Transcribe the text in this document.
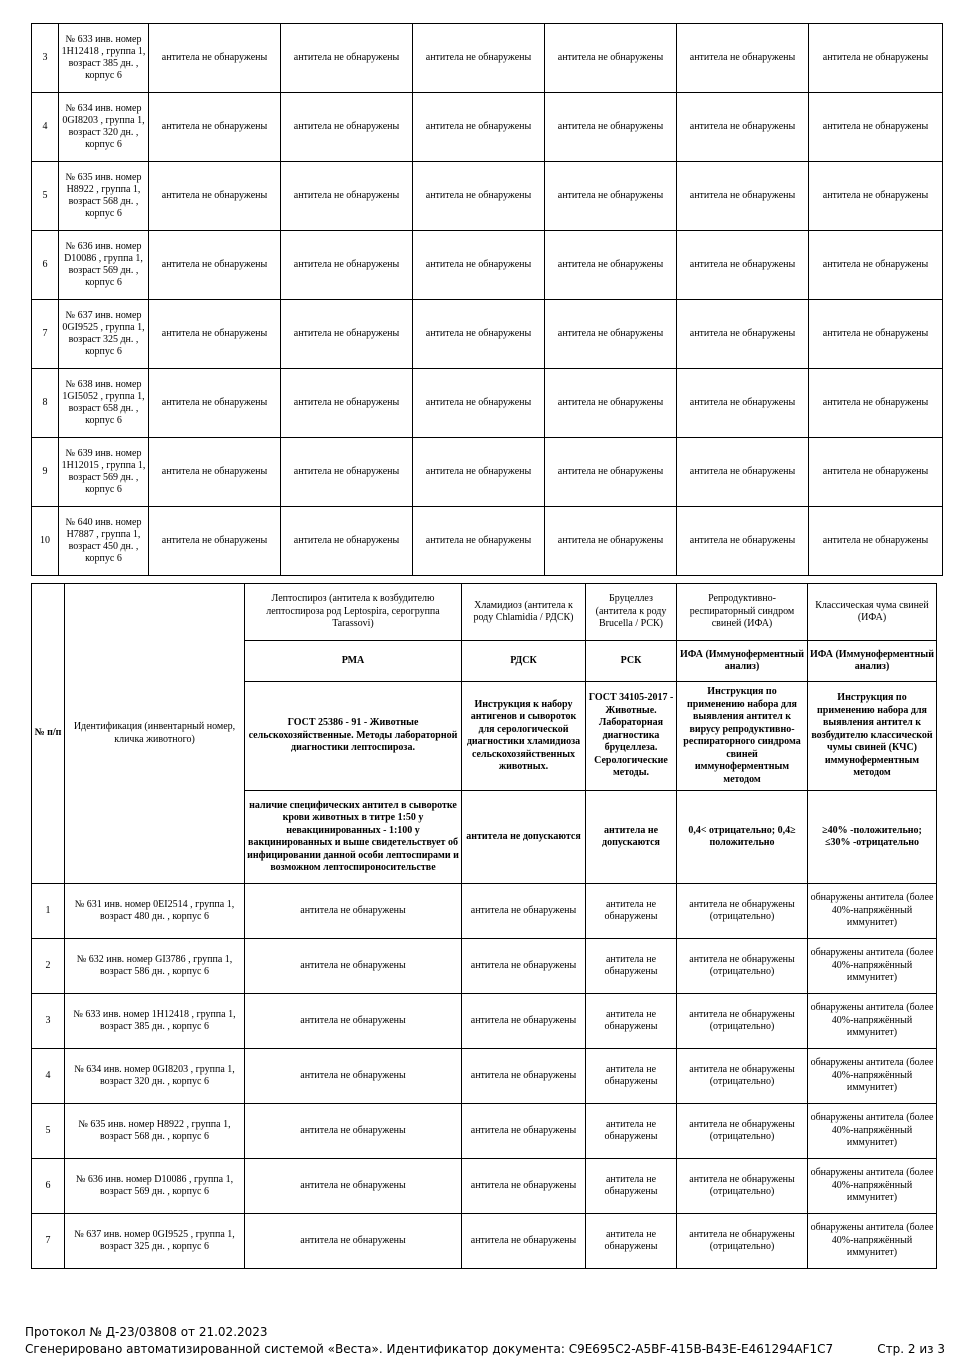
3	№ 633 инв. номер 1H12418 , группа 1, возраст 385 дн. , корпус 6	антитела не обнаружены	антитела не обнаружены	антитела не обнаружены	антитела не обнаружены	антитела не обнаружены	антитела не обнаружены
4	№ 634 инв. номер 0GI8203 , группа 1, возраст 320 дн. , корпус 6	антитела не обнаружены	антитела не обнаружены	антитела не обнаружены	антитела не обнаружены	антитела не обнаружены	антитела не обнаружены
5	№ 635 инв. номер H8922 , группа 1, возраст 568 дн. , корпус 6	антитела не обнаружены	антитела не обнаружены	антитела не обнаружены	антитела не обнаружены	антитела не обнаружены	антитела не обнаружены
6	№ 636 инв. номер D10086 , группа 1, возраст 569 дн. , корпус 6	антитела не обнаружены	антитела не обнаружены	антитела не обнаружены	антитела не обнаружены	антитела не обнаружены	антитела не обнаружены
7	№ 637 инв. номер 0GI9525 , группа 1, возраст 325 дн. , корпус 6	антитела не обнаружены	антитела не обнаружены	антитела не обнаружены	антитела не обнаружены	антитела не обнаружены	антитела не обнаружены
8	№ 638 инв. номер 1GI5052 , группа 1, возраст 658 дн. , корпус 6	антитела не обнаружены	антитела не обнаружены	антитела не обнаружены	антитела не обнаружены	антитела не обнаружены	антитела не обнаружены
9	№ 639 инв. номер 1H12015 , группа 1, возраст 569 дн. , корпус 6	антитела не обнаружены	антитела не обнаружены	антитела не обнаружены	антитела не обнаружены	антитела не обнаружены	антитела не обнаружены
10	№ 640 инв. номер H7887 , группа 1, возраст 450 дн. , корпус 6	антитела не обнаружены	антитела не обнаружены	антитела не обнаружены	антитела не обнаружены	антитела не обнаружены	антитела не обнаружены
№ п/п	Идентификация (инвентарный номер, кличка животного)	Лептоспироз (антитела к возбудителю лептоспироза род Leptospira, серогруппа Tarassovi)	Хламидиоз (антитела к роду Chlamidia / РДСК)	Бруцеллез (антитела к роду Brucella / РСК)	Репродуктивно-респираторный синдром свиней (ИФА)	Классическая чума свиней (ИФА)
		РМА	РДСК	РСК	ИФА (Иммуноферментный анализ)	ИФА (Иммуноферментный анализ)
		ГОСТ 25386 - 91 - Животные сельскохозяйственные. Методы лабораторной диагностики лептоспироза.	Инструкция к набору антигенов и сывороток для серологической диагностики хламидиоза сельскохозяйственных животных.	ГОСТ 34105-2017 - Животные. Лабораторная диагностика бруцеллеза. Серологические методы.	Инструкция по применению набора для выявления антител к вирусу репродуктивно-респираторного синдрома свиней иммуноферментным методом	Инструкция по применению набора для выявления антител к возбудителю классической чумы свиней (КЧС) иммуноферментным методом
		наличие специфических антител в сыворотке крови животных в титре 1:50 у невакцинированных - 1:100 у вакцинированных и выше свидетельствует об инфицировании данной особи лептоспирами и возможном лептоспироносительстве	антитела не допускаются	антитела не допускаются	0,4< отрицательно; 0,4≥ положительно	≥40% -положительно; ≤30% -отрицательно
1	№ 631 инв. номер 0EI2514 , группа 1, возраст 480 дн. , корпус 6	антитела не обнаружены	антитела не обнаружены	антитела не обнаружены	антитела не обнаружены (отрицательно)	обнаружены антитела (более 40%-напряжённый иммунитет)
2	№ 632 инв. номер GI3786 , группа 1, возраст 586 дн. , корпус 6	антитела не обнаружены	антитела не обнаружены	антитела не обнаружены	антитела не обнаружены (отрицательно)	обнаружены антитела (более 40%-напряжённый иммунитет)
3	№ 633 инв. номер 1H12418 , группа 1, возраст 385 дн. , корпус 6	антитела не обнаружены	антитела не обнаружены	антитела не обнаружены	антитела не обнаружены (отрицательно)	обнаружены антитела (более 40%-напряжённый иммунитет)
4	№ 634 инв. номер 0GI8203 , группа 1, возраст 320 дн. , корпус 6	антитела не обнаружены	антитела не обнаружены	антитела не обнаружены	антитела не обнаружены (отрицательно)	обнаружены антитела (более 40%-напряжённый иммунитет)
5	№ 635 инв. номер H8922 , группа 1, возраст 568 дн. , корпус 6	антитела не обнаружены	антитела не обнаружены	антитела не обнаружены	антитела не обнаружены (отрицательно)	обнаружены антитела (более 40%-напряжённый иммунитет)
6	№ 636 инв. номер D10086 , группа 1, возраст 569 дн. , корпус 6	антитела не обнаружены	антитела не обнаружены	антитела не обнаружены	антитела не обнаружены (отрицательно)	обнаружены антитела (более 40%-напряжённый иммунитет)
7	№ 637 инв. номер 0GI9525 , группа 1, возраст 325 дн. , корпус 6	антитела не обнаружены	антитела не обнаружены	антитела не обнаружены	антитела не обнаружены (отрицательно)	обнаружены антитела (более 40%-напряжённый иммунитет)
Протокол № Д-23/03808 от 21.02.2023
Сгенерировано автоматизированной системой «Веста». Идентификатор документа: C9E695C2-A5BF-415B-B43E-E461294AF1C7	Стр. 2 из 3
